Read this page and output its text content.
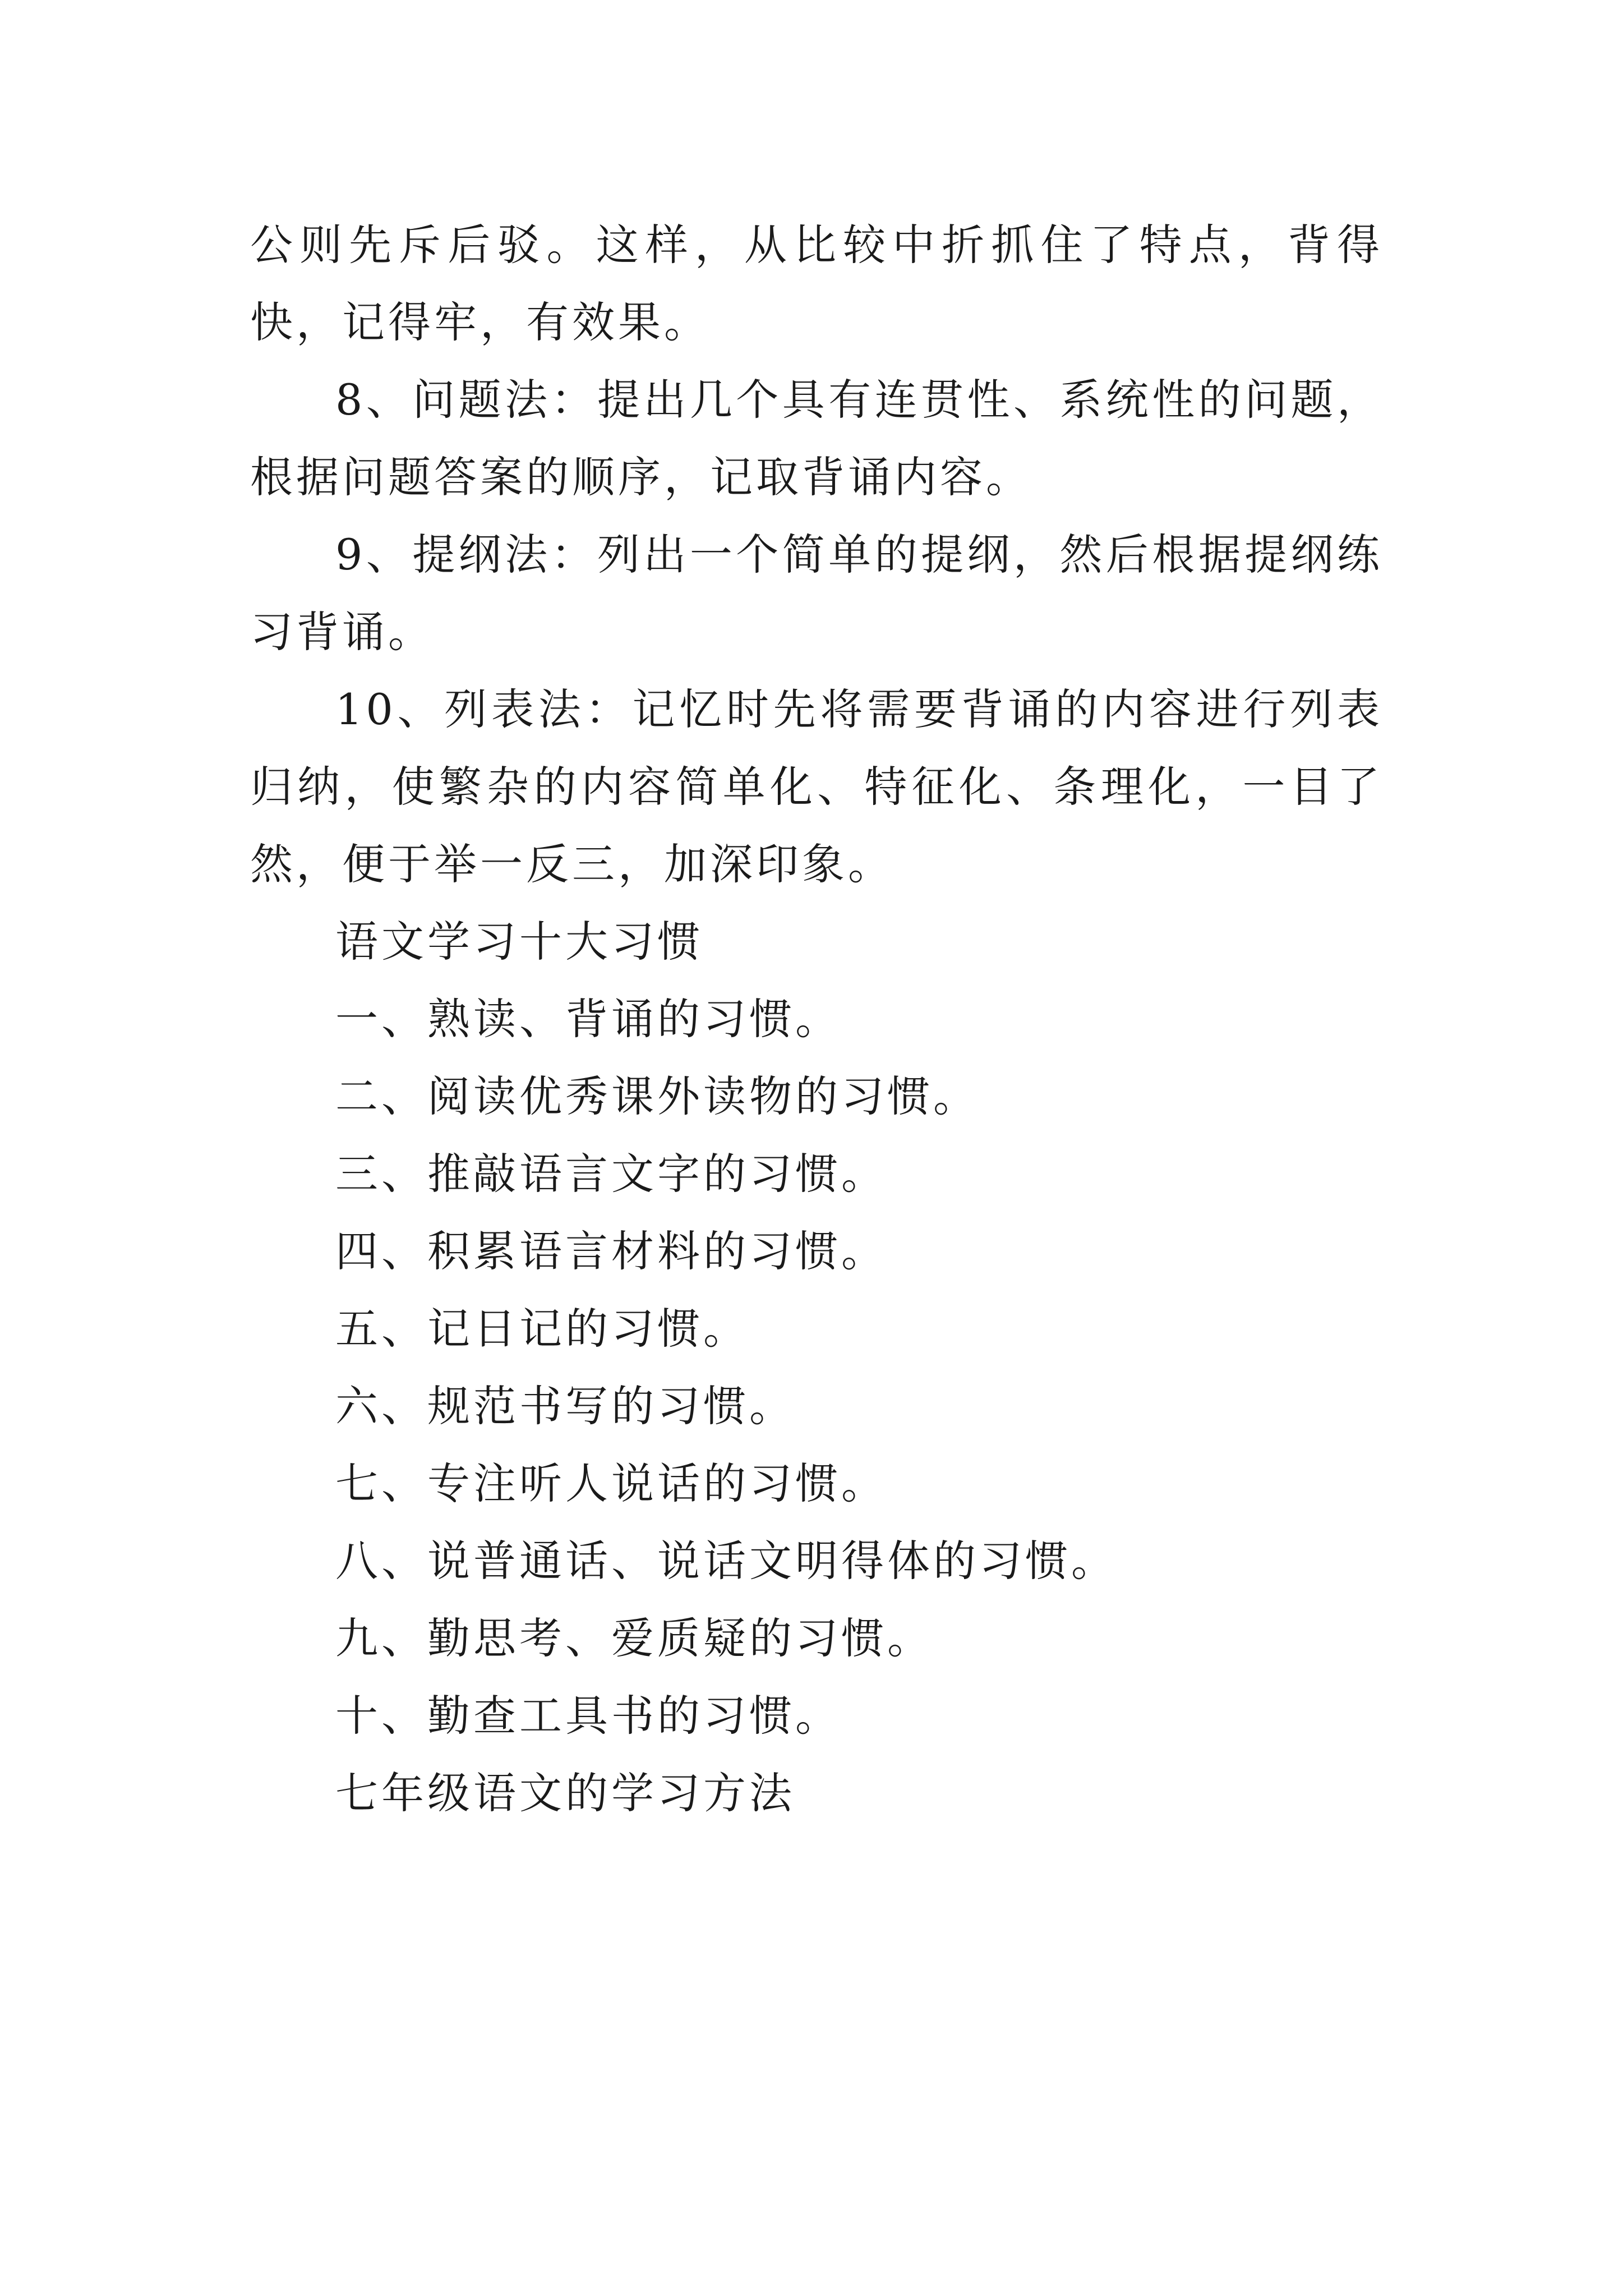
公则先斥后驳。这样，从比较中折抓住了特点，背得快，记得牢，有效果。

8、问题法：提出几个具有连贯性、系统性的问题，根据问题答案的顺序，记取背诵内容。

9、提纲法：列出一个简单的提纲，然后根据提纲练习背诵。

10、列表法：记忆时先将需要背诵的内容进行列表归纳，使繁杂的内容简单化、特征化、条理化，一目了然，便于举一反三，加深印象。

语文学习十大习惯

一、熟读、背诵的习惯。

二、阅读优秀课外读物的习惯。

三、推敲语言文字的习惯。

四、积累语言材料的习惯。

五、记日记的习惯。

六、规范书写的习惯。

七、专注听人说话的习惯。

八、说普通话、说话文明得体的习惯。

九、勤思考、爱质疑的习惯。

十、勤查工具书的习惯。

七年级语文的学习方法
